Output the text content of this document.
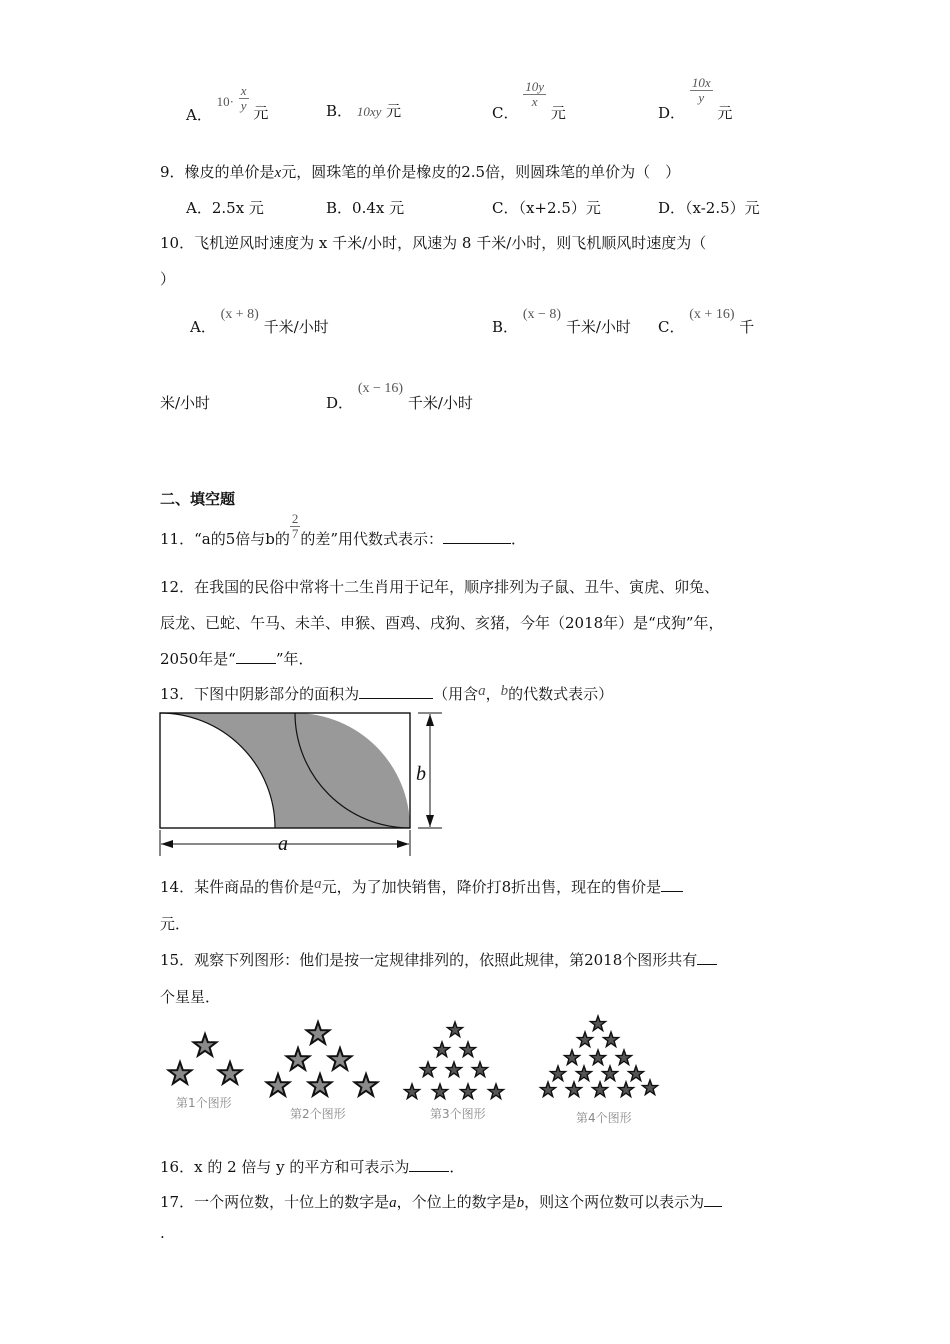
A． $10\cdot \frac{x}{y}$
元	B． 10xy 元	C．
$\frac{10y}{x}$
元	D．
$\frac{10x}{y}$
元
9．橡皮的单价是x元，圆珠笔的单价是橡皮的2.5倍，则圆珠笔的单价为（　）
A．2.5x 元	B．0.4x 元	C．（x+2.5）元	D．（x-2.5）元
10．飞机逆风时速度为 x 千米/小时，风速为 8 千米/小时，则飞机顺风时速度为（
）
A． (x + 8) 千米/小时	B． (x − 8) 千米/小时 C． (x + 16) 千
米/小时	D． (x − 16) 千米/小时
二、填空题
11．“a的5倍与b的 $\frac{2}{7}$ 的差”用代数式表示：	．
12．在我国的民俗中常将十二生肖用于记年，顺序排列为子鼠、丑牛、寅虎、卯兔、
辰龙、已蛇、午马、未羊、申猴、酉鸡、戌狗、亥猪，今年（2018年）是“戌狗”年，
2050年是“	”年．
13．下图中阴影部分的面积为	（用含a，b的代数式表示）
b
a
14．某件商品的售价是a元，为了加快销售，降价打8折出售，现在的售价是
元．
15．观察下列图形：他们是按一定规律排列的，依照此规律，第2018个图形共有
个星星．
第1个图形
第2个图形	第3个图形	第4个图形
16．x 的 2 倍与 y 的平方和可表示为	．
17．一个两位数，十位上的数字是a，个位上的数字是b，则这个两位数可以表示为
.
